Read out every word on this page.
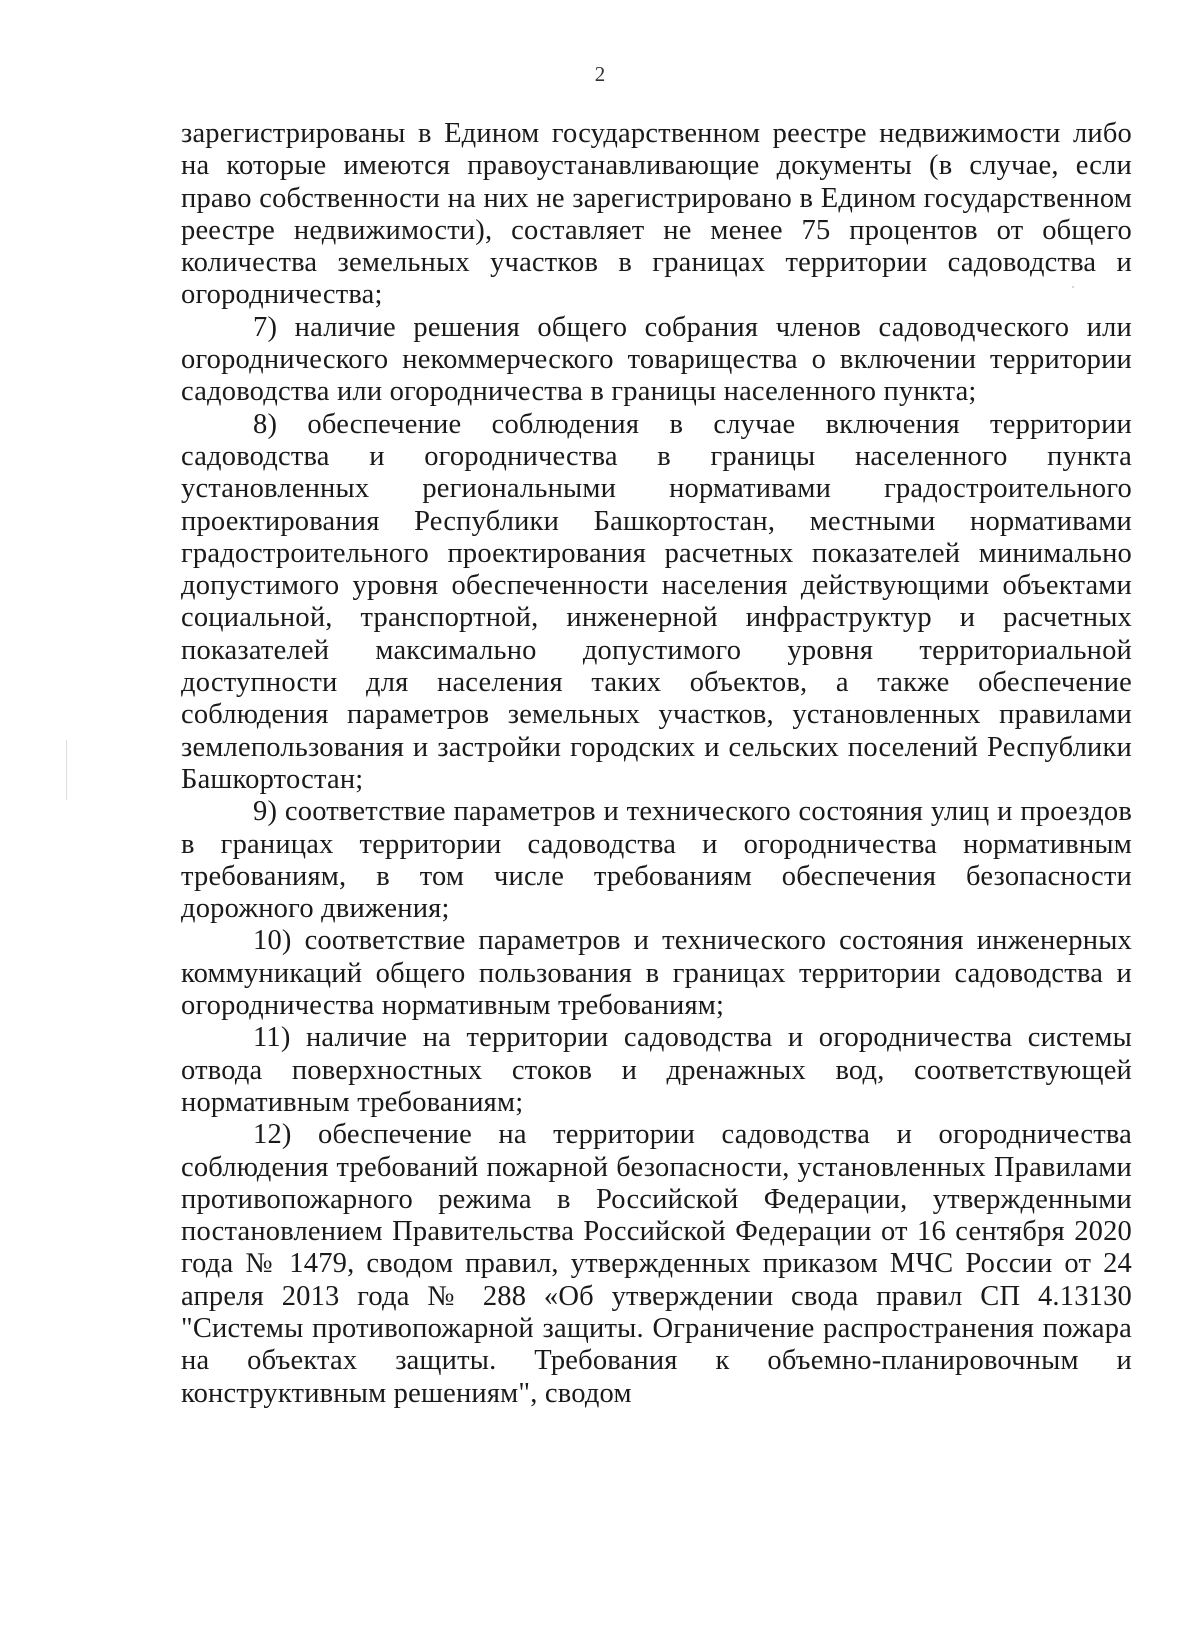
2

зарегистрированы в Едином государственном реестре недвижимости либо на которые имеются правоустанавливающие документы (в случае, если право собственности на них не зарегистрировано в Едином государственном реестре недвижимости), составляет не менее 75 процентов от общего количества земельных участков в границах территории садоводства и огородничества;

7) наличие решения общего собрания членов садоводческого или огороднического некоммерческого товарищества о включении территории садоводства или огородничества в границы населенного пункта;

8) обеспечение соблюдения в случае включения территории садоводства и огородничества в границы населенного пункта установленных региональными нормативами градостроительного проектирования Республики Башкортостан, местными нормативами градостроительного проектирования расчетных показателей минимально допустимого уровня обеспеченности населения действующими объектами социальной, транспортной, инженерной инфраструктур и расчетных показателей максимально допустимого уровня территориальной доступности для населения таких объектов, а также обеспечение соблюдения параметров земельных участков, установленных правилами землепользования и застройки городских и сельских поселений Республики Башкортостан;

9) соответствие параметров и технического состояния улиц и проездов в границах территории садоводства и огородничества нормативным требованиям, в том числе требованиям обеспечения безопасности дорожного движения;

10) соответствие параметров и технического состояния инженерных коммуникаций общего пользования в границах территории садоводства и огородничества нормативным требованиям;

11) наличие на территории садоводства и огородничества системы отвода поверхностных стоков и дренажных вод, соответствующей нормативным требованиям;

12) обеспечение на территории садоводства и огородничества соблюдения требований пожарной безопасности, установленных Правилами противопожарного режима в Российской Федерации, утвержденными постановлением Правительства Российской Федерации от 16 сентября 2020 года № 1479, сводом правил, утвержденных приказом МЧС России от 24 апреля 2013 года № 288 «Об утверждении свода правил СП 4.13130 "Системы противопожарной защиты. Ограничение распространения пожара на объектах защиты. Требования к объемно-планировочным и конструктивным решениям", сводом
